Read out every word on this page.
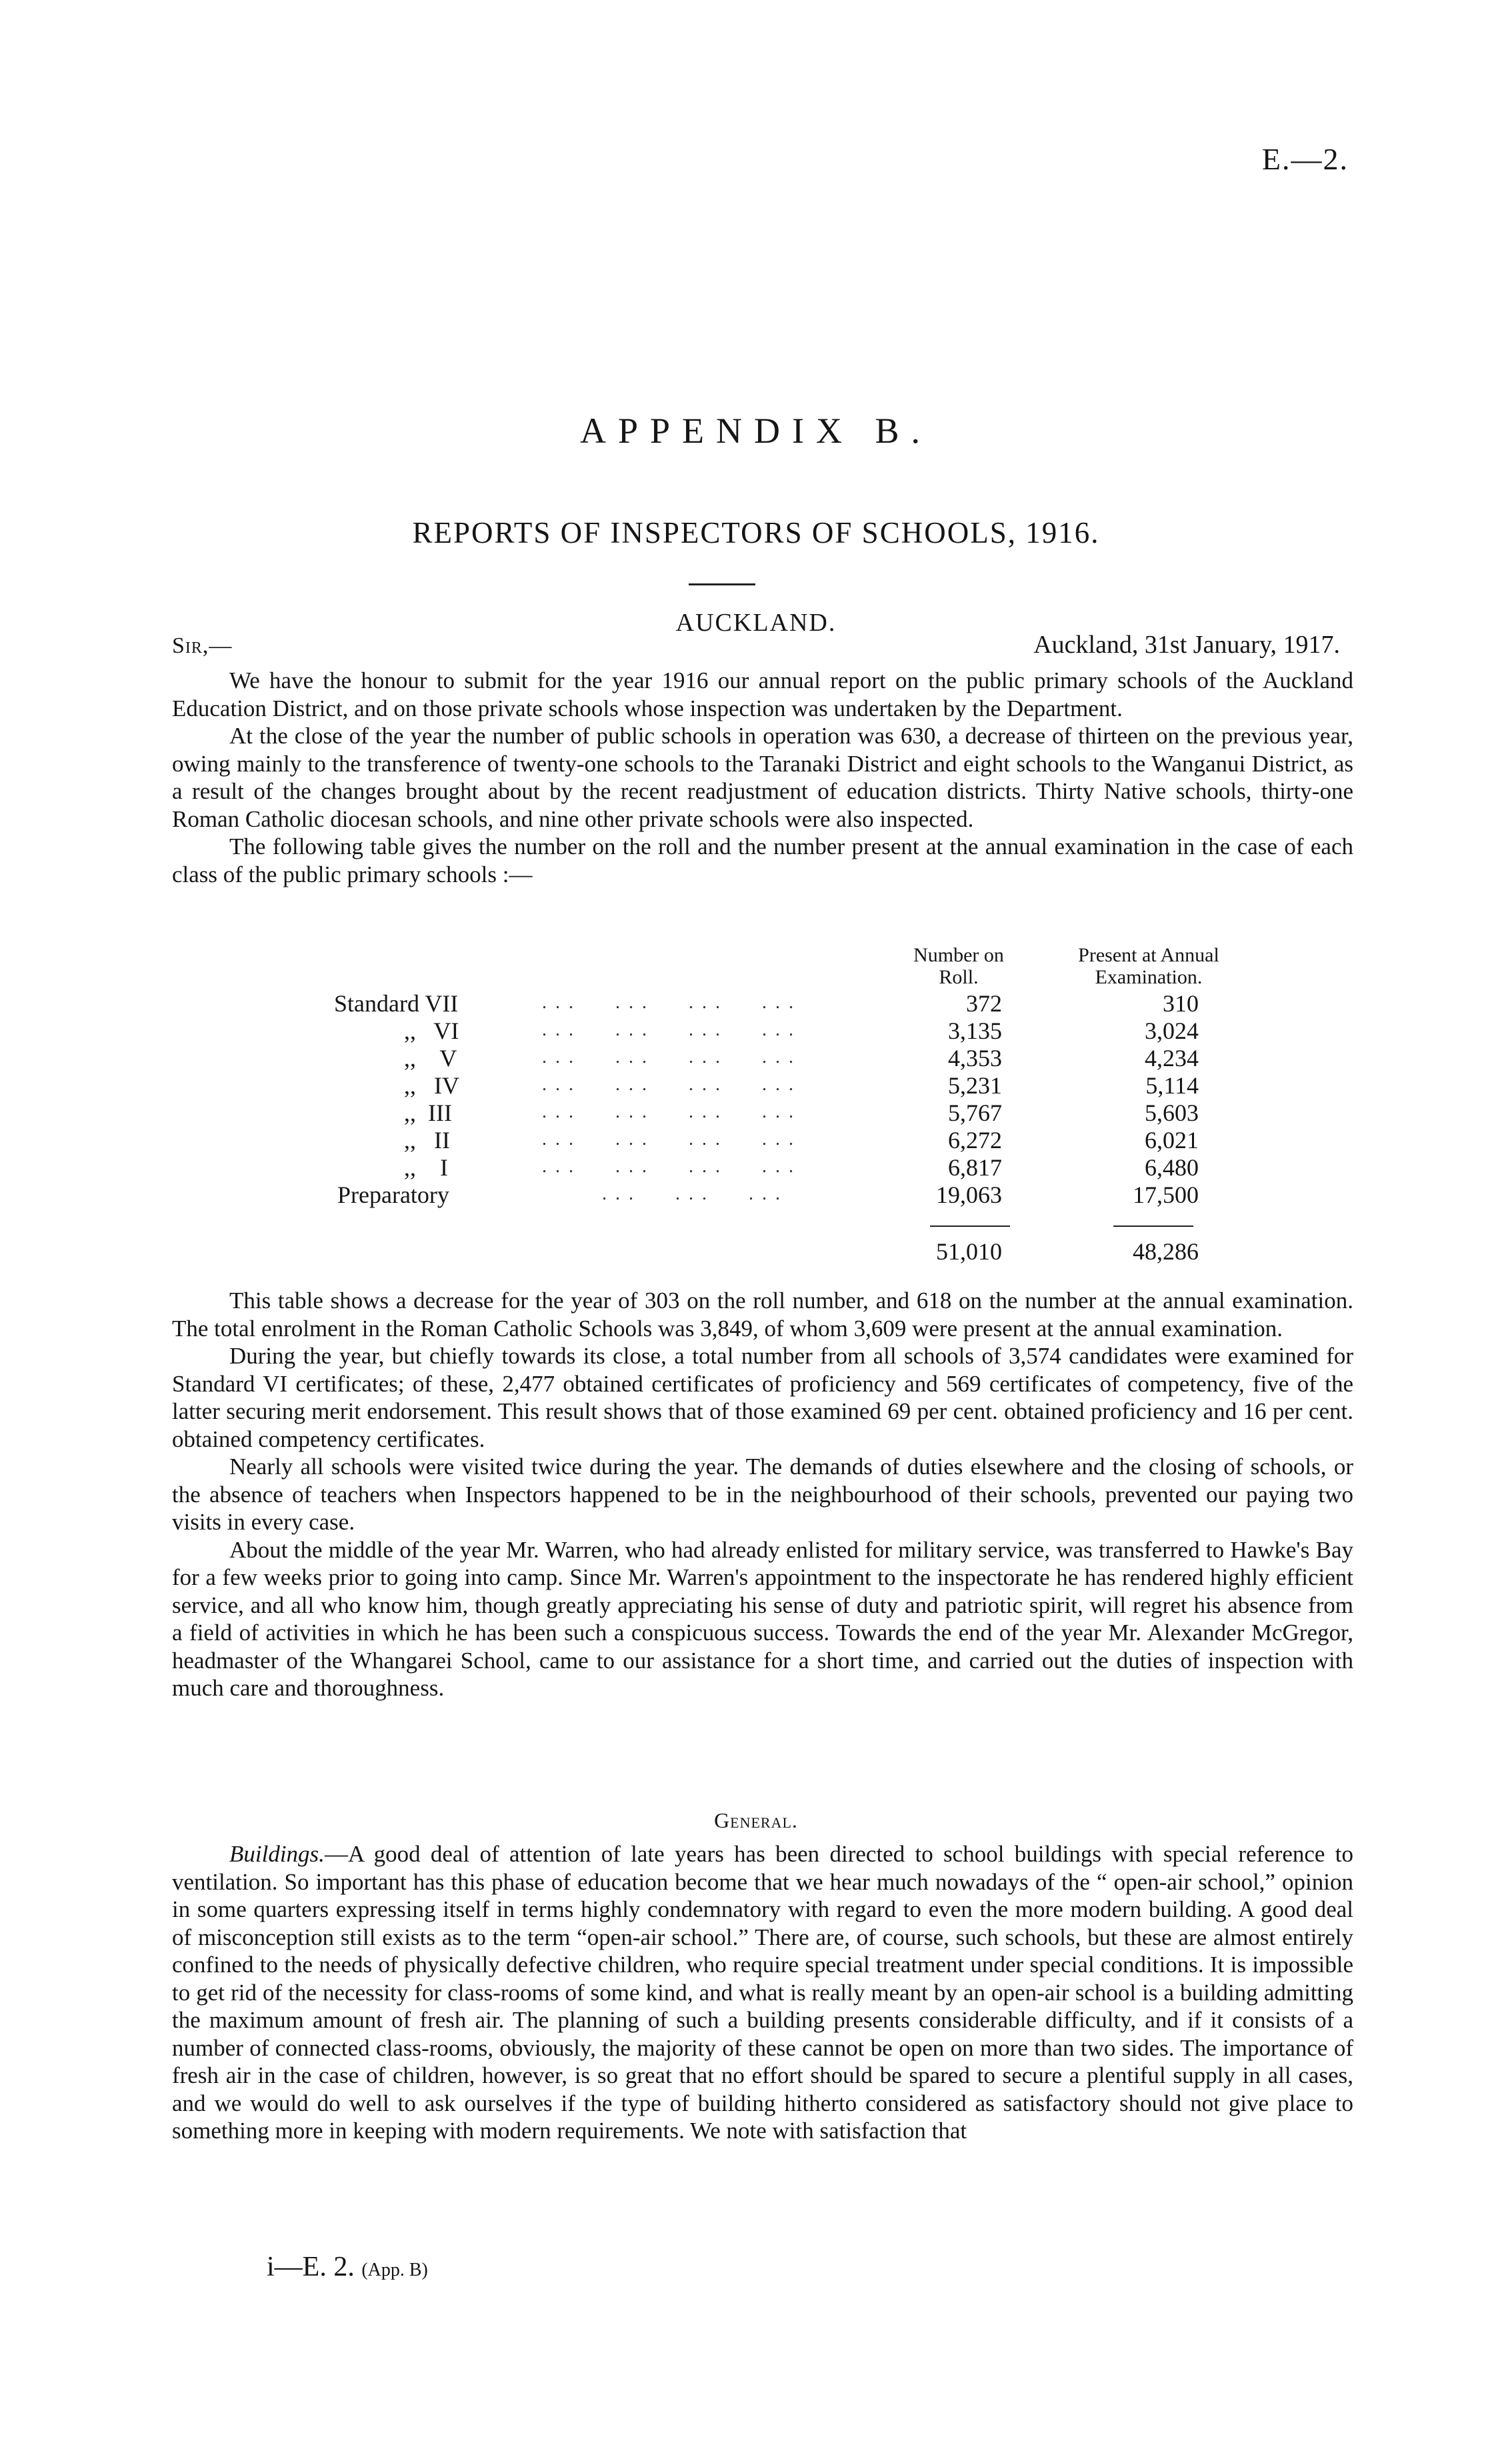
E.—2.
APPENDIX B.
REPORTS OF INSPECTORS OF SCHOOLS, 1916.
AUCKLAND.
Sir,—	Auckland, 31st January, 1917.

We have the honour to submit for the year 1916 our annual report on the public primary schools of the Auckland Education District, and on those private schools whose inspection was undertaken by the Department.

At the close of the year the number of public schools in operation was 630, a decrease of thirteen on the previous year, owing mainly to the transference of twenty-one schools to the Taranaki District and eight schools to the Wanganui District, as a result of the changes brought about by the recent readjustment of education districts. Thirty Native schools, thirty-one Roman Catholic diocesan schools, and nine other private schools were also inspected.

The following table gives the number on the roll and the number present at the annual examination in the case of each class of the public primary schools :—

Number on Roll.
Present at Annual Examination.
Standard VII	. . .      . . .      . . .      . . .	372	310
,,   VI	. . .      . . .      . . .      . . .	3,135	3,024
,,    V	. . .      . . .      . . .      . . .	4,353	4,234
,,   IV	. . .      . . .      . . .      . . .	5,231	5,114
,,  III	. . .      . . .      . . .      . . .	5,767	5,603
,,   II	. . .      . . .      . . .      . . .	6,272	6,021
,,    I	. . .      . . .      . . .      . . .	6,817	6,480
Preparatory	. . .      . . .      . . .	19,063	17,500
51,010	48,286

This table shows a decrease for the year of 303 on the roll number, and 618 on the number at the annual examination. The total enrolment in the Roman Catholic Schools was 3,849, of whom 3,609 were present at the annual examination.

During the year, but chiefly towards its close, a total number from all schools of 3,574 candidates were examined for Standard VI certificates; of these, 2,477 obtained certificates of proficiency and 569 certificates of competency, five of the latter securing merit endorsement. This result shows that of those examined 69 per cent. obtained proficiency and 16 per cent. obtained competency certificates.

Nearly all schools were visited twice during the year. The demands of duties elsewhere and the closing of schools, or the absence of teachers when Inspectors happened to be in the neighbourhood of their schools, prevented our paying two visits in every case.

About the middle of the year Mr. Warren, who had already enlisted for military service, was transferred to Hawke's Bay for a few weeks prior to going into camp. Since Mr. Warren's appointment to the inspectorate he has rendered highly efficient service, and all who know him, though greatly appreciating his sense of duty and patriotic spirit, will regret his absence from a field of activities in which he has been such a conspicuous success. Towards the end of the year Mr. Alexander McGregor, headmaster of the Whangarei School, came to our assistance for a short time, and carried out the duties of inspection with much care and thoroughness.

General.

Buildings.—A good deal of attention of late years has been directed to school buildings with special reference to ventilation. So important has this phase of education become that we hear much nowadays of the “ open-air school,” opinion in some quarters expressing itself in terms highly condemnatory with regard to even the more modern building. A good deal of misconception still exists as to the term “open-air school.” There are, of course, such schools, but these are almost entirely confined to the needs of physically defective children, who require special treatment under special conditions. It is impossible to get rid of the necessity for class-rooms of some kind, and what is really meant by an open-air school is a building admitting the maximum amount of fresh air. The planning of such a building presents considerable difficulty, and if it consists of a number of connected class-rooms, obviously, the majority of these cannot be open on more than two sides. The importance of fresh air in the case of children, however, is so great that no effort should be spared to secure a plentiful supply in all cases, and we would do well to ask ourselves if the type of building hitherto considered as satisfactory should not give place to something more in keeping with modern requirements. We note with satisfaction that

i—E. 2. (App. B)
